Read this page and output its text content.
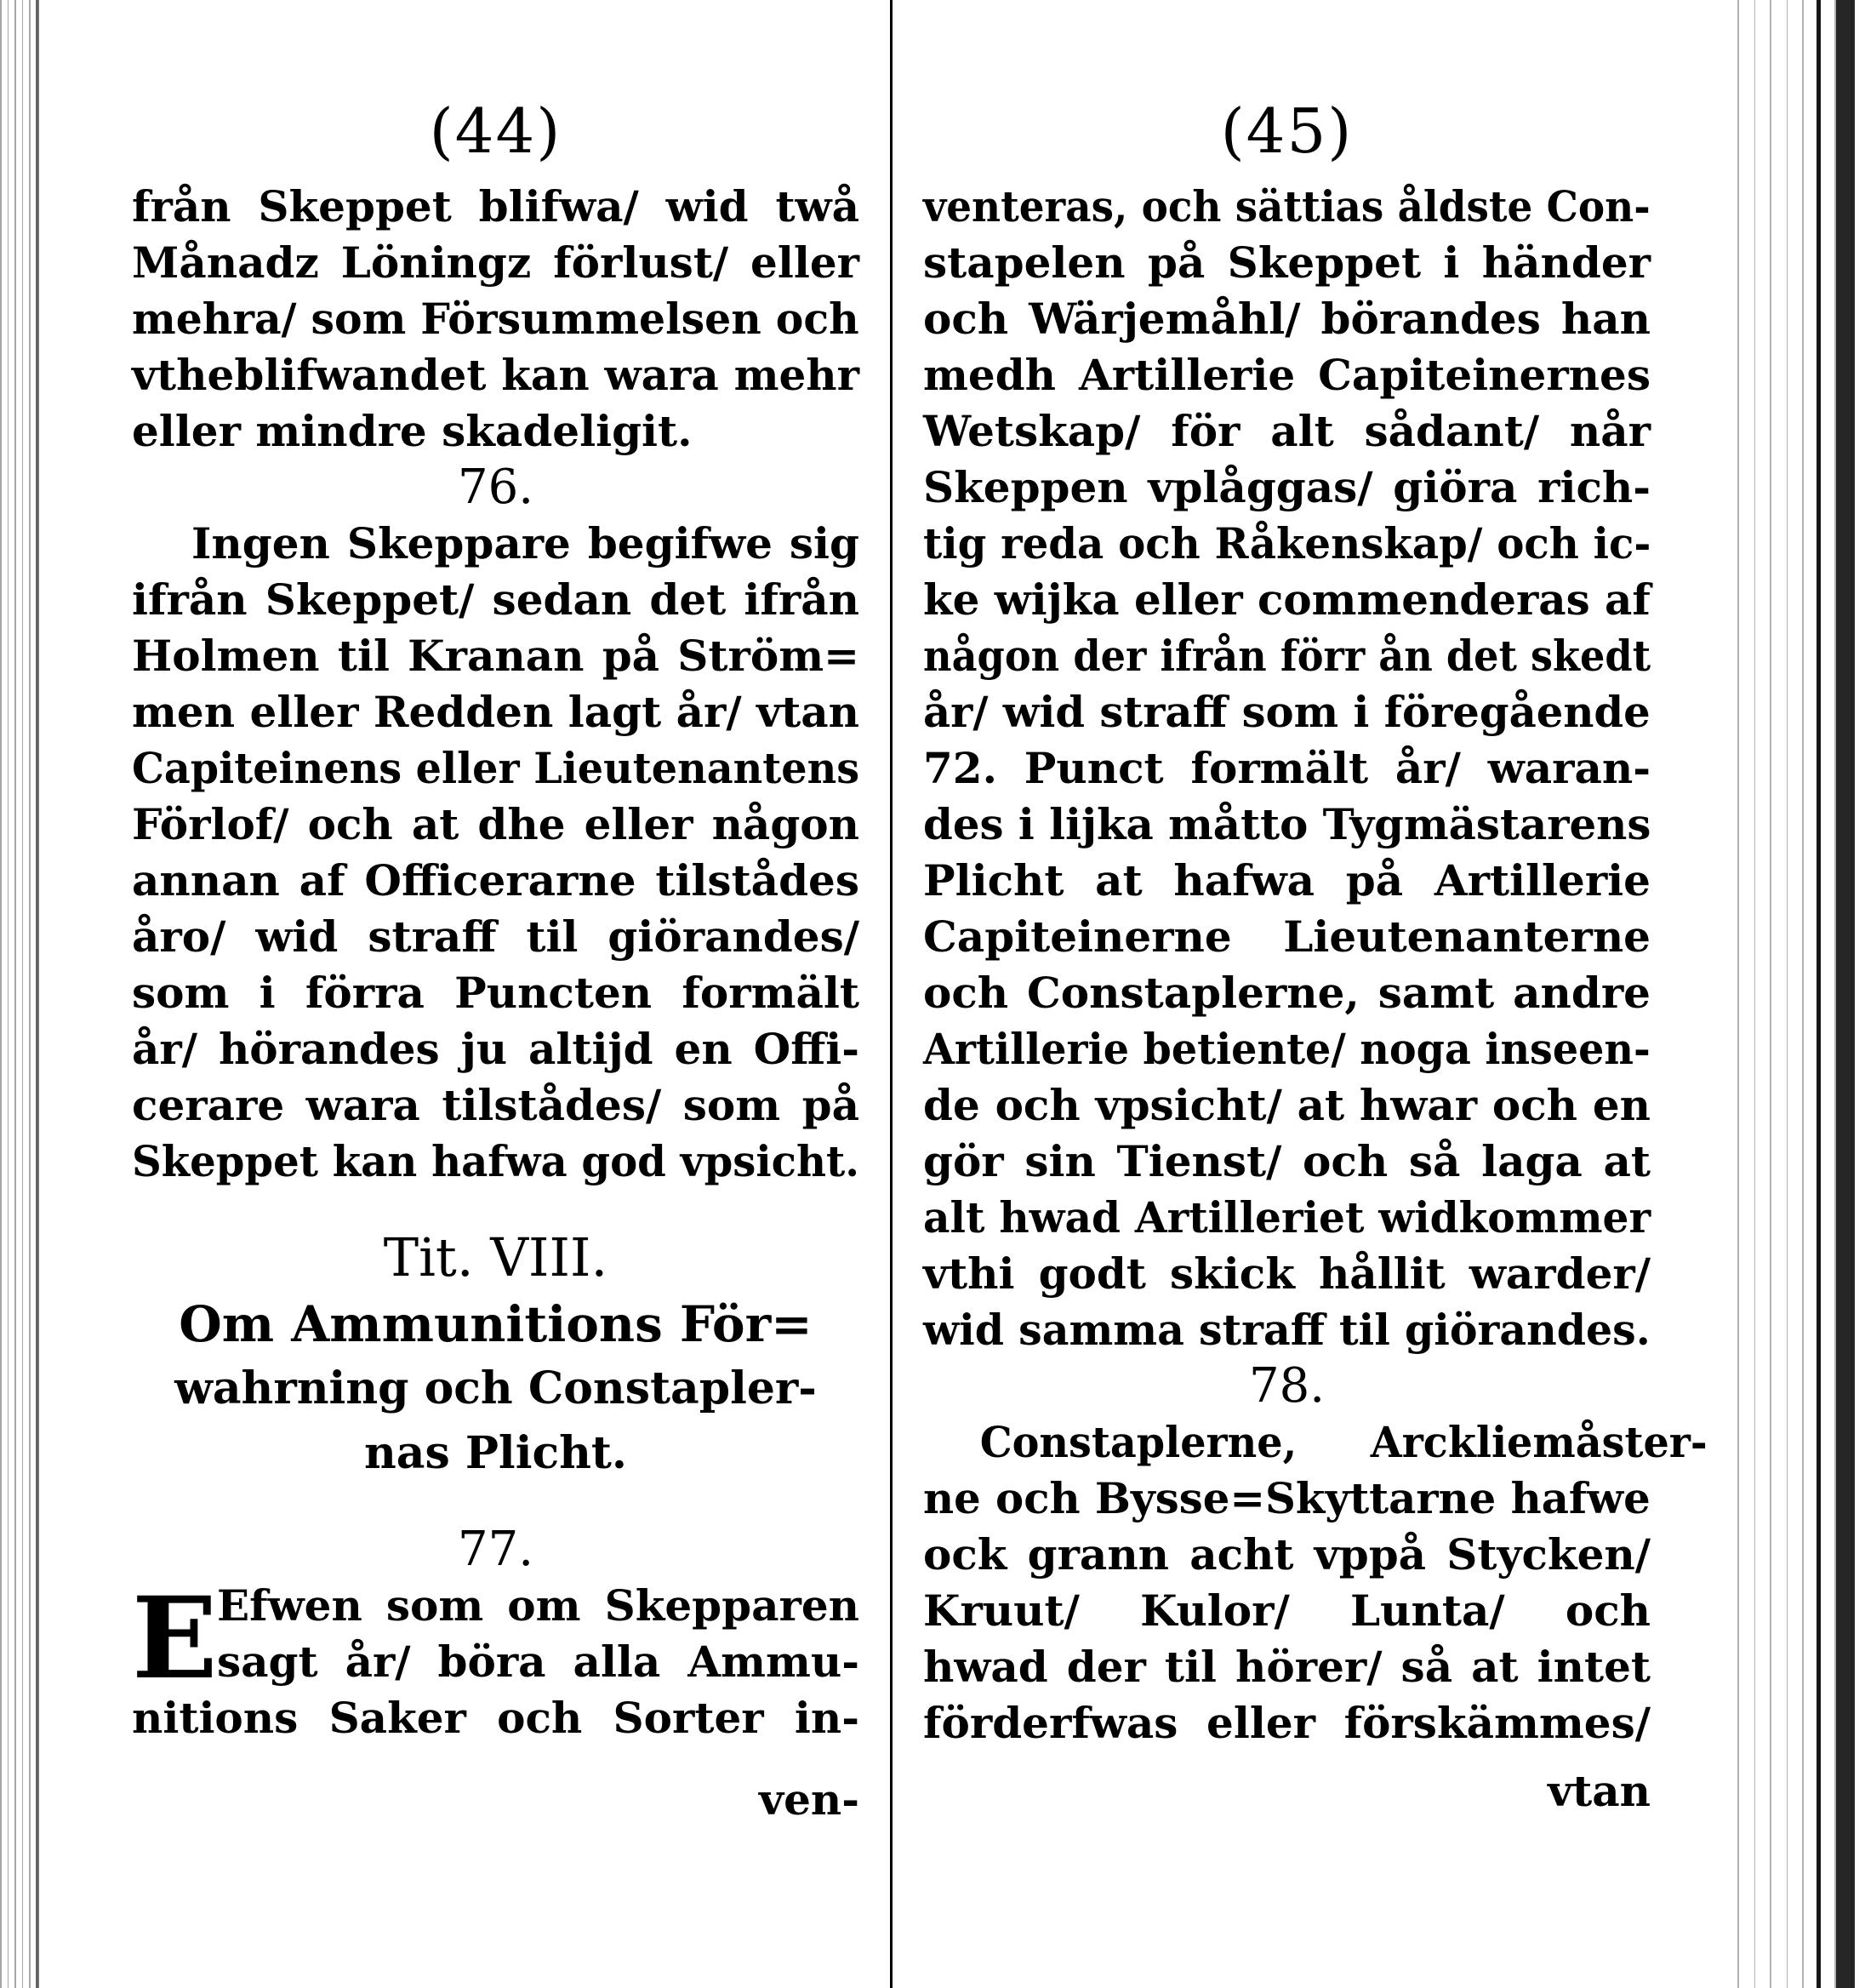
(44)
från Skeppet blifwa/ wid twå
Månadz Löningz förlust/ eller
mehra/ som Försummelsen och
vtheblifwandet kan wara mehr
eller mindre skadeligit.
76.
Ingen Skeppare begifwe sig
ifrån Skeppet/ sedan det ifrån
Holmen til Kranan på Ström=
men eller Redden lagt år/ vtan
Capiteinens eller Lieutenantens
Förlof/ och at dhe eller någon
annan af Officerarne tilstådes
åro/ wid straff til giörandes/
som i förra Puncten formält
år/ hörandes ju altijd en Offi-
cerare wara tilstådes/ som på
Skeppet kan hafwa god vpsicht.
Tit. VIII.
Om Ammunitions För=
wahrning och Constapler-
nas Plicht.
77.
E Efwen som om Skepparen
sagt år/ böra alla Ammu-
nitions Saker och Sorter in-
ven-
(45)
venteras, och sättias åldste Con-
stapelen på Skeppet i händer
och Wärjemåhl/ börandes han
medh Artillerie Capiteinernes
Wetskap/ för alt sådant/ når
Skeppen vplåggas/ giöra rich-
tig reda och Råkenskap/ och ic-
ke wijka eller commenderas af
någon der ifrån förr ån det skedt
år/ wid straff som i föregående
72. Punct formält år/ waran-
des i lijka måtto Tygmästarens
Plicht at hafwa på Artillerie
Capiteinerne Lieutenanterne
och Constaplerne, samt andre
Artillerie betiente/ noga inseen-
de och vpsicht/ at hwar och en
gör sin Tienst/ och så laga at
alt hwad Artilleriet widkommer
vthi godt skick hållit warder/
wid samma straff til giörandes.
78.
Constaplerne, Arckliemåster-
ne och Bysse=Skyttarne hafwe
ock grann acht vppå Stycken/
Kruut/ Kulor/ Lunta/ och
hwad der til hörer/ så at intet
förderfwas eller förskämmes/
vtan
